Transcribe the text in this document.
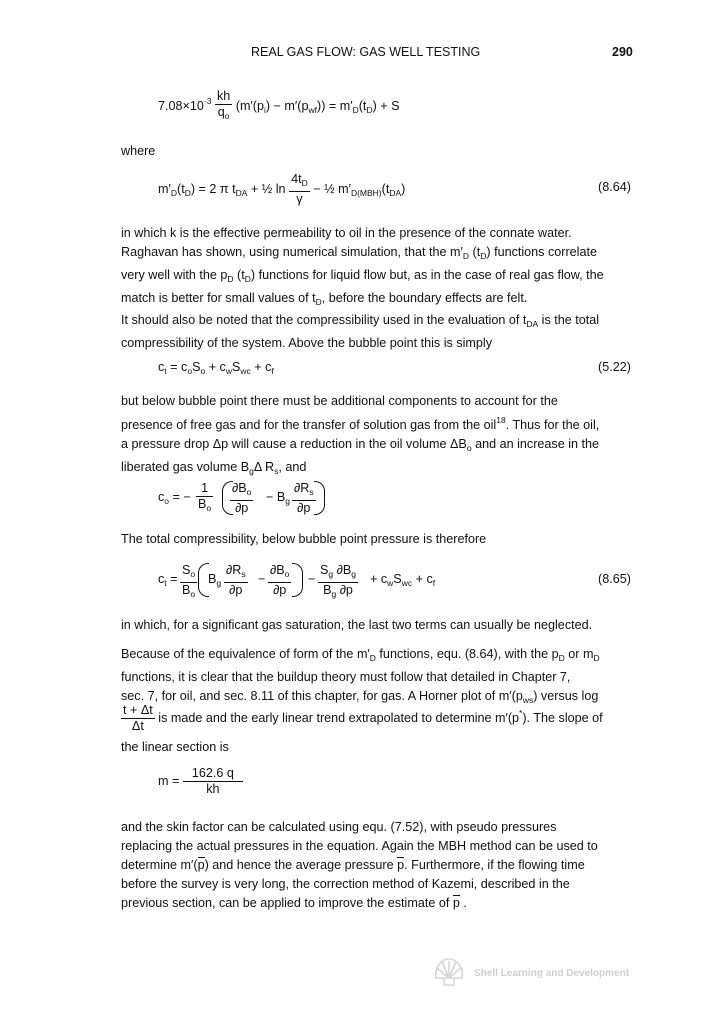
REAL GAS FLOW: GAS WELL TESTING	290
$7.08\times 10^{-3} \frac{kh}{q_o} (m'(p_i) - m'(p_{wf})) = m'_D(t_D) + S$
where
$m'_D(t_D) = 2$ π $t_{DA}$ + ½ $\ln \frac{4t_D}{\gamma}$ − ½ $m'_{D(MBH)}(t_{DA})$	(8.64)
in which k is the effective permeability to oil in the presence of the connate water.
Raghavan has shown, using numerical simulation, that the $m'_D$ $(t_D)$ functions correlate
very well with the $p_D$ $(t_D)$ functions for liquid flow but, as in the case of real gas flow, the
match is better for small values of $t_D$, before the boundary effects are felt.
It should also be noted that the compressibility used in the evaluation of $t_{DA}$ is the total
compressibility of the system. Above the bubble point this is simply
$c_t = c_oS_o + c_wS_{wc} + c_f$	(5.22)
but below bubble point there must be additional components to account for the
presence of free gas and for the transfer of solution gas from the oil$^{18}$. Thus for the oil,
a pressure drop Δp will cause a reduction in the oil volume $\Delta B_o$ and an increase in the
liberated gas volume $B_g\Delta$ $R_s$, and
$c_o$ = − $\frac{1}{B_o} \frac{\partial B_o}{\partial p} - B_g \frac{\partial R_s}{\partial p}$
The total compressibility, below bubble point pressure is therefore
$c_t = \frac{S_o}{B_o} B_g \frac{\partial R_s}{\partial p} - \frac{\partial B_o}{\partial p} - \frac{S_g \partial B_g}{B_g \partial p} + c_wS_{wc} + c_f$	(8.65)
in which, for a significant gas saturation, the last two terms can usually be neglected.
Because of the equivalence of form of the $m'_D$ functions, equ. (8.64), with the $p_D$ or $m_D$
functions, it is clear that the buildup theory must follow that detailed in Chapter 7,
sec. 7, for oil, and sec. 8.11 of this chapter, for gas. A Horner plot of $m'(p_{ws})$ versus log
$\frac{t + \Delta t}{\Delta t}$ is made and the early linear trend extrapolated to determine m′(p*). The slope of
the linear section is
$m = \frac{162.6 q}{kh}$
and the skin factor can be calculated using equ. (7.52), with pseudo pressures
replacing the actual pressures in the equation. Again the MBH method can be used to
determine m′(p) and hence the average pressure p. Furthermore, if the flowing time
before the survey is very long, the correction method of Kazemi, described in the
previous section, can be applied to improve the estimate of p .
Shell Learning and Development
